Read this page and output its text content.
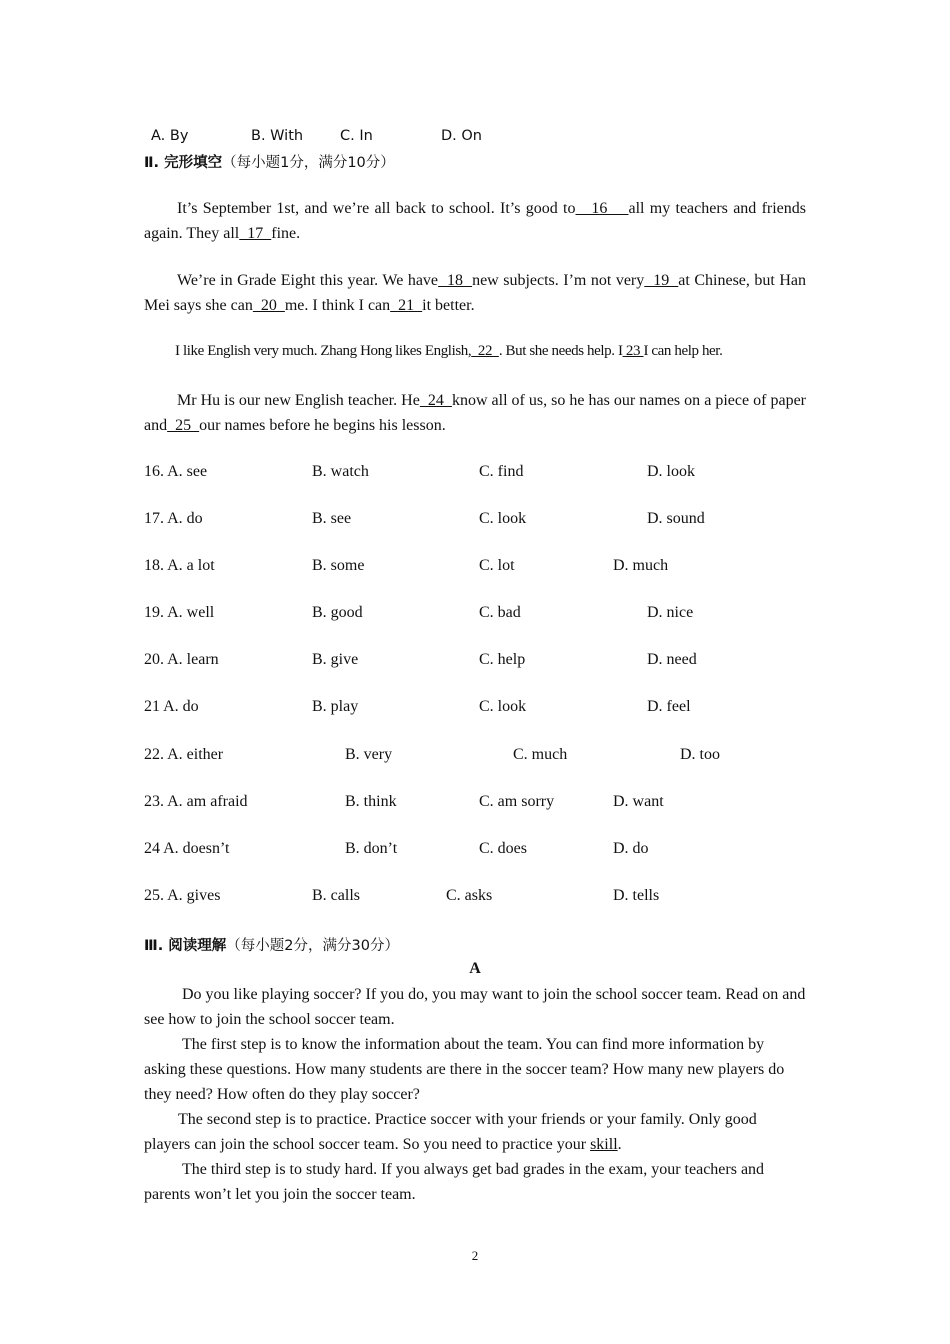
A. By	B. With	C. In	D. On
Ⅱ. 完形填空（每小题1分，满分10分）
It’s September 1st, and we’re all back to school. It’s good to   16    all my teachers and friends again. They all  17  fine.
We’re in Grade Eight this year. We have  18  new subjects. I’m not very  19  at Chinese, but Han Mei says she can  20  me. I think I can  21  it better.
I like English very much. Zhang Hong likes English,  22  . But she needs help. I 23 I can help her.
Mr Hu is our new English teacher. He  24  know all of us, so he has our names on a piece of paper and  25  our names before he begins his lesson.
16. A. see	B. watch	C. find	D. look
17. A. do	B. see	C. look	D. sound
18. A. a lot	B. some	C. lot	D. much
19. A. well	B. good	C. bad	D. nice
20. A. learn	B. give	C. help	D. need
21 A. do	B. play	C. look	D. feel
22. A. either	B. very	C. much	D. too
23. A. am afraid	B. think	C. am sorry	D. want
24 A. doesn’t	B. don’t	C. does	D. do
25. A. gives	B. calls	C. asks	D. tells
Ⅲ. 阅读理解（每小题2分，满分30分）
A

Do you like playing soccer? If you do, you may want to join the school soccer team. Read on and see how to join the school soccer team.

The first step is to know the information about the team. You can find more information by asking these questions. How many students are there in the soccer team? How many new players do they need? How often do they play soccer?

The second step is to practice. Practice soccer with your friends or your family. Only good players can join the school soccer team. So you need to practice your skill.

The third step is to study hard. If you always get bad grades in the exam, your teachers and parents won’t let you join the soccer team.

2
